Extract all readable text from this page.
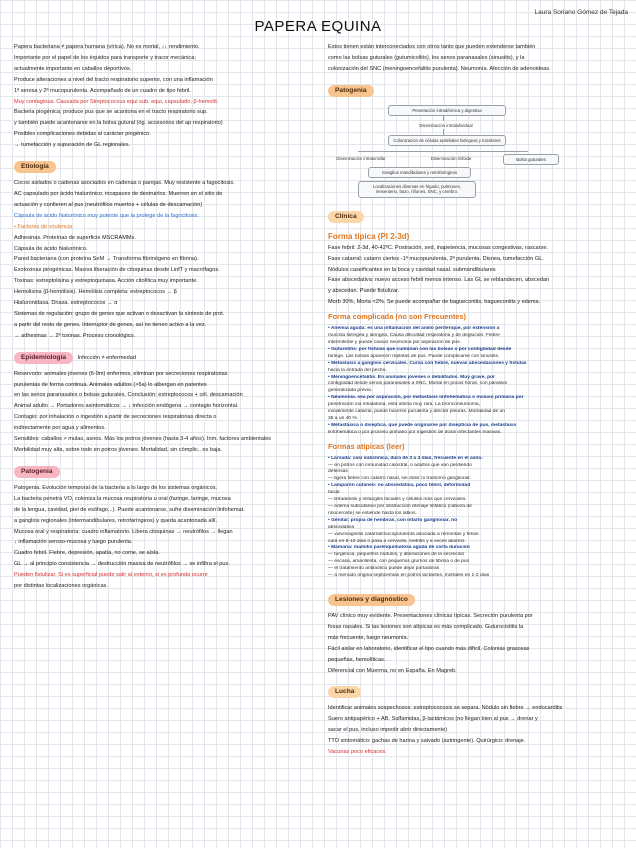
Laura Soriano Gómez de Tejada
PAPERA EQUINA
Papera bacteriana ≠ papera humana (vírica). No es mortal, ↓↓ rendimiento.
Importante por el papel de los équidos para transporte y tracor mecánica;
actualmente importante en caballos deportivos.
Produce alteraciones a nivel del tracto respiratorio superior, con una inflamación
1ª serosa y 2ª mucopurulenta. Acompañado de un cuadro de tipo febril.
Muy contagiosa. Causada por Streptococcus equi sub. equi, capsulado, β-hemolít.
Bacteria piogénica; produce pus que se acantona en el tracto respiratorio sup.
y también puede acantonarse en la bolsa gutural (óg. accesorios del ap respiratorio)
Posibles complicaciones debidas al carácter piogénico.
→ tumefacción y supuración de GL regionales.
Etiología
Cocos aislados o cadenas asociados en cadenas o parejas. Muy resistente a fagocitosis.
AC capsulado por ácido hialurónico, incapaces de destruirlos. Muerren en el sitio de
actuación y confieren al pus (neutrófilos muertos + células de descamación)
Cápsula de ácido hialurónico muy potente que la protege de la fagocitosis.
• Factores de virulencia
Adhesinas. Proteínas de superficie MSCRAMMs.
Cápsula de ácido hialurónico.
Pared bacteriana (con proteína SeM → Transforma fibrinógeno en fibrina).
Exotoxinas pirogénicas. Masiva liberación de citoquinas desde LinfT y macrófagos.
Toxinas: estreptolisina y estreptoquinasa. Acción citolítica muy importante.
Hemolisina (β-hemólisis). Hemólisis completa: estreptococos → β
Hialuronidasa. Dnasa. estreptococos → α
Sistemas de regulación: grupo de genes que activan o desactivan la síntesis de prot.
a partir del resto de genes. Interruptor de genes, así no tienen activo a la vez.
→ adhesinas → 2ª toxinas. Proceso cronológico.
Epidemiología Infección ≠ enfermedad
Reservorio: animales jóvenes (6-9m) enfermos, eliminan por secreciones respiratorias
purulentas de forma continua. Animales adultos (>5a) lo albergan en patentes
en las senos paranasales o bolsas guturales. Conclusión: estreptococos + cél. descamación
Animal adulto → Portadores asintomáticos → ↓ infección endógena → contagio horizontal.
Contagio: por inhalación o ingestión a partir de secreciones respiratorias directa o
indirectamente por agua y alimentos.
Sensibles: caballos > mulas, asnos. Más los potros jóvenes (hasta 3-4 años). Inm. factores ambientales
Morbilidad muy alta, sobre todo en potros jóvenes. Mortalidad, sin cómplic., es baja.
Patogenia
Patogenia. Evolución temporal de la bacteria a lo largo de los sistemas orgánicos.
La bacteria penetra VO, coloniza la mucosa respiratoria u oral (faringe, laringe, mucosa
de la lengua, cavidad, piel de esófago...). Puede acantonarse, sufre diseminación linfohemat.
a ganglios regionales (intermandibulares, retrofaríngeos) y queda acantonada allí.
Mucosa oral y respiratoria: cuadro inflamatorio. Libera citoquinas → neutrófilos → llegan
↓ inflamación seroso-mucosa y luego purulenta.
Cuadro febril. Fiebre, depresión, apatía, no come, se aísla.
GL → al principio consistencia → destrucción masiva de neutrófilos → se infiltra el pus.
Pueden fistulizar. Si es superficial puede salir al exterior, si es profunda ocurre
por distintas localizaciones orgánicas.
Estos tienen están interconectados con otros tanto que pueden extenderse también
como las bolsas guturales (gutumicolitis), los senos paranasales (sinusitis), y la
colonización del SNC (meningoencefalitis purulenta). Neumonía. Afección de adenoideas.
Patogenia
Penetración intradérmica y digestiva
Diseminación intraindividual
Colonización de células epiteliales faringeas y tonsilares
Diseminación intratonsilar	Diseminación linfoide	Bolsa guturales
Ganglios mandibulares y retrofaríngeos
Localizaciones diversas en hígado, pulmones, mesenterio, bazo, riñones, SNC, y cerebro.
Clínica
Forma típica (PI 2-3d)
Fase febril: 2-3d, 40-42ºC. Postración, sed, inapetencia, mucosas congestivas, rascarse.
Fase catarral: catarro ciertos -1ª mucopurulenta, 2ª purulenta. Disnea, tumefacción GL.
Nódulos caseificantes en la boca y cavidad nasal. submandibulares
Fase abscedativa: nuevo acceso febril menos intenso. Las GL se reblandecen, abscedan
y abscedan. Puede fistulizar.
Morb 30%, Morta <2%. Se puede acompañar de bagueconitis, bagueconitis y edema.
Forma complicada (no son Frecuentes)
• Anemia aguda: es una inflamación del anillo periferique, por extensión a
mucosa faríngea y laringea. Causa dificultad respiratoria y de deglución. Fiebre
intermitente y puede causar neumonía por aspiración de pus.
• Guturolitis: por fístulas que culminan con las bolsas o por contigüidad desde
faringe. Las bolsas aparecen repletas de pus. Puede complicarse con sinusitis.
• Metástasis a ganglios cervicales. Cursa con fiebre, nuevas abscedaciones y fístulas
hacia la entrada del pecho.
• Meningoencefalitis. En animales jóvenes o debilitados. Muy grave, por
contigüidad desde senos paranasales a SNC. Mortal en pocas horas, con parálisis
generalizada previa.
• Neumonía. sea por aspiración, por metástasis linfohemática o incluso primaria por
penetración vía inhalatoria, esta última muy rara. La bronconeumonía,
inicialmente catarral, puede hacerse purulenta y afectar pleuras. Mortalidad de un
35 a un 40 %.
• Metastásica o diseptica. que puede originarse por diseptícia de pus, metástasis
linfohemática o por proceso primario por ingestión de dosis infectantes masivas.
Formas atípicas (leer)
• Larvada: casi subclínica, dura de 3 a 4 días, frecuente en el asno.
— en potros con inmunidad calostral, o adultos que van perdiendo
defensas
— ligera fiebre con catarro nasal, sin dolor ni trastorno ganglionar.
• Lamparón cutáneo: no abscedativa, poco febril, deformidad
facial
— linfadenitis y linfangitis faciales y celulitis más que cervicales.
— edema subcutáneo por obstrucción drenaje linfático (cabeza de
rinoceronte) se extiende hasta los labios.
• Genital: propia de hembras, con infarto ganglionar, no
abscedativa
— vulvovaginitis catarral/mucopurulenta asociada a remontas y ferias
cura en 8-10 días o pasa a cervicitis, metritis y a veces abortos
• Mamaria: mamitis parenquimatosa aguda de corta duración
— turgencia, pequeños nódulos, y alteraciones de la secreción
— escasa, amarillenta, con pequeños grumos de fibrina o de pus
— el tratamiento antibiótico puede dejar portadoras
— a menudo origina septicemias en potros lactantes, mortales en 1-2 días
Lesiones y diagnóstico
PAV clínico muy evidente. Presentaciones clínicas típicas. Secreción purulenta por
fosas nasales. Si las lesiones son atípicas es más complicado. Guturocistitis la
más frecuente, luego neumonía.
Fácil aislar en laboratorio, identificar el tipo cuando más difícil. Colonias grasosas
pequeñas, hemolíticas.
Diferencial con Muerma, no en España. En Magreb.
Lucha
Identificar animales sospechosos: estreptococosis se separa. Nódulo sin fiebre → endocarditis
Suero antipapérico + AB. Sulfamidas, β-lactámicos (no llegan bien al pus → drenar y
sacar el pus, incluso impedir abrir directamente)
TTO sintomático: gachas de harina y salvado (astringente). Quirúrgico: drenaje.
Vacunas poco eficaces.
